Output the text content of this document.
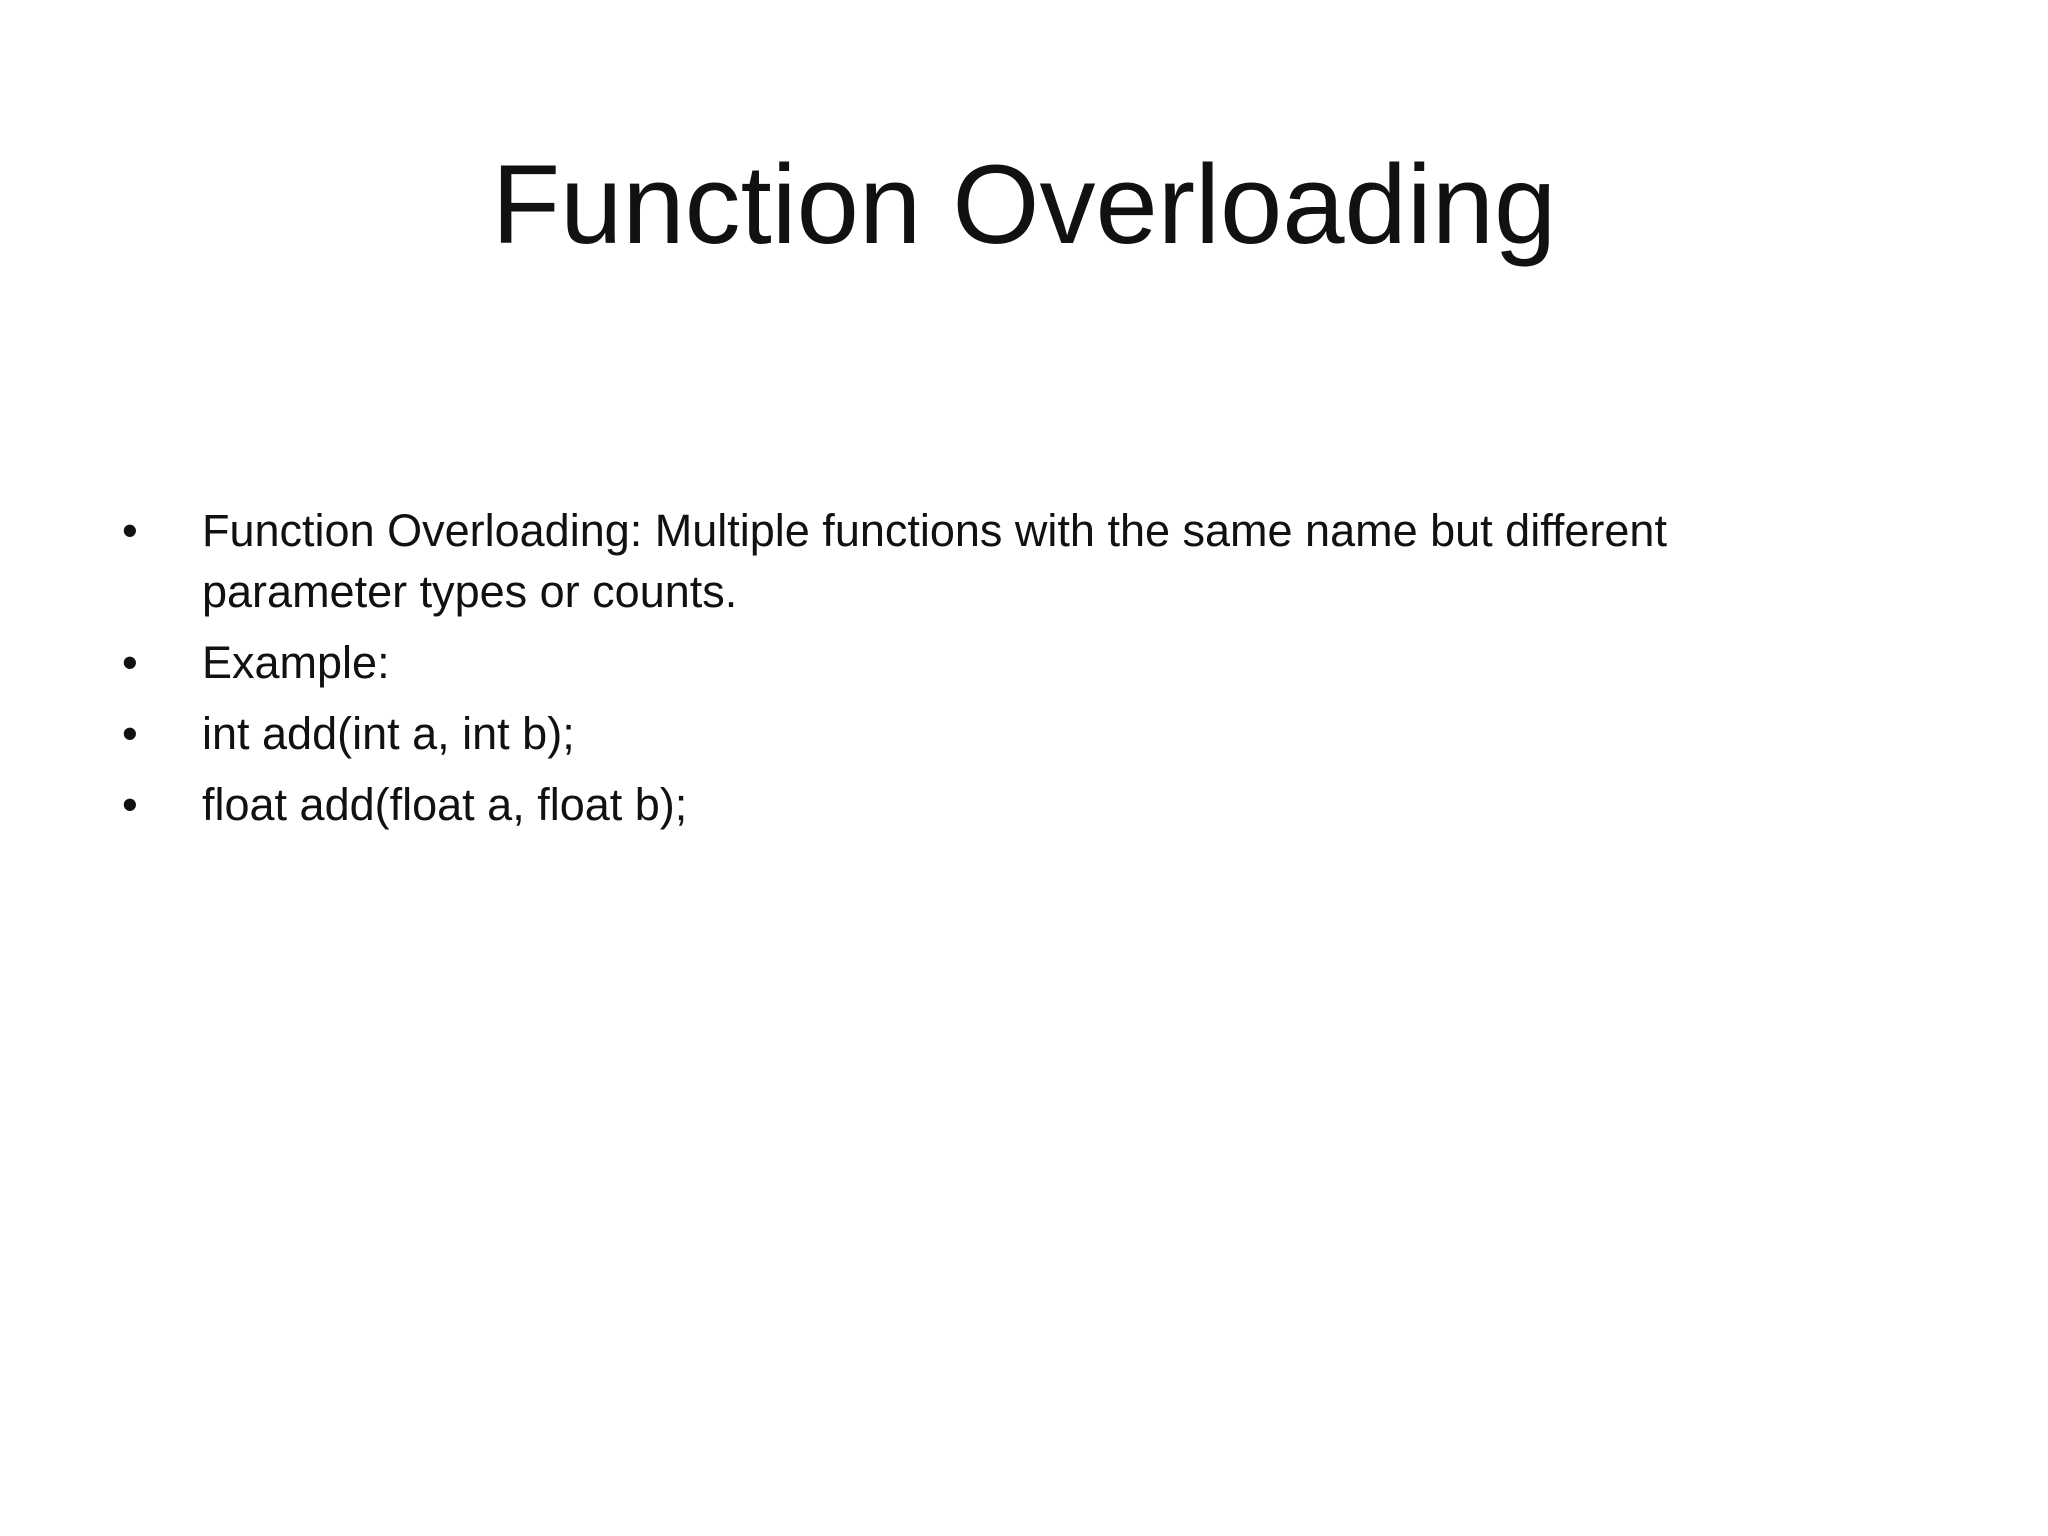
Function Overloading
•	Function Overloading: Multiple functions with the same name but different parameter types or counts.
•	Example:
•	int add(int a, int b);
•	float add(float a, float b);
